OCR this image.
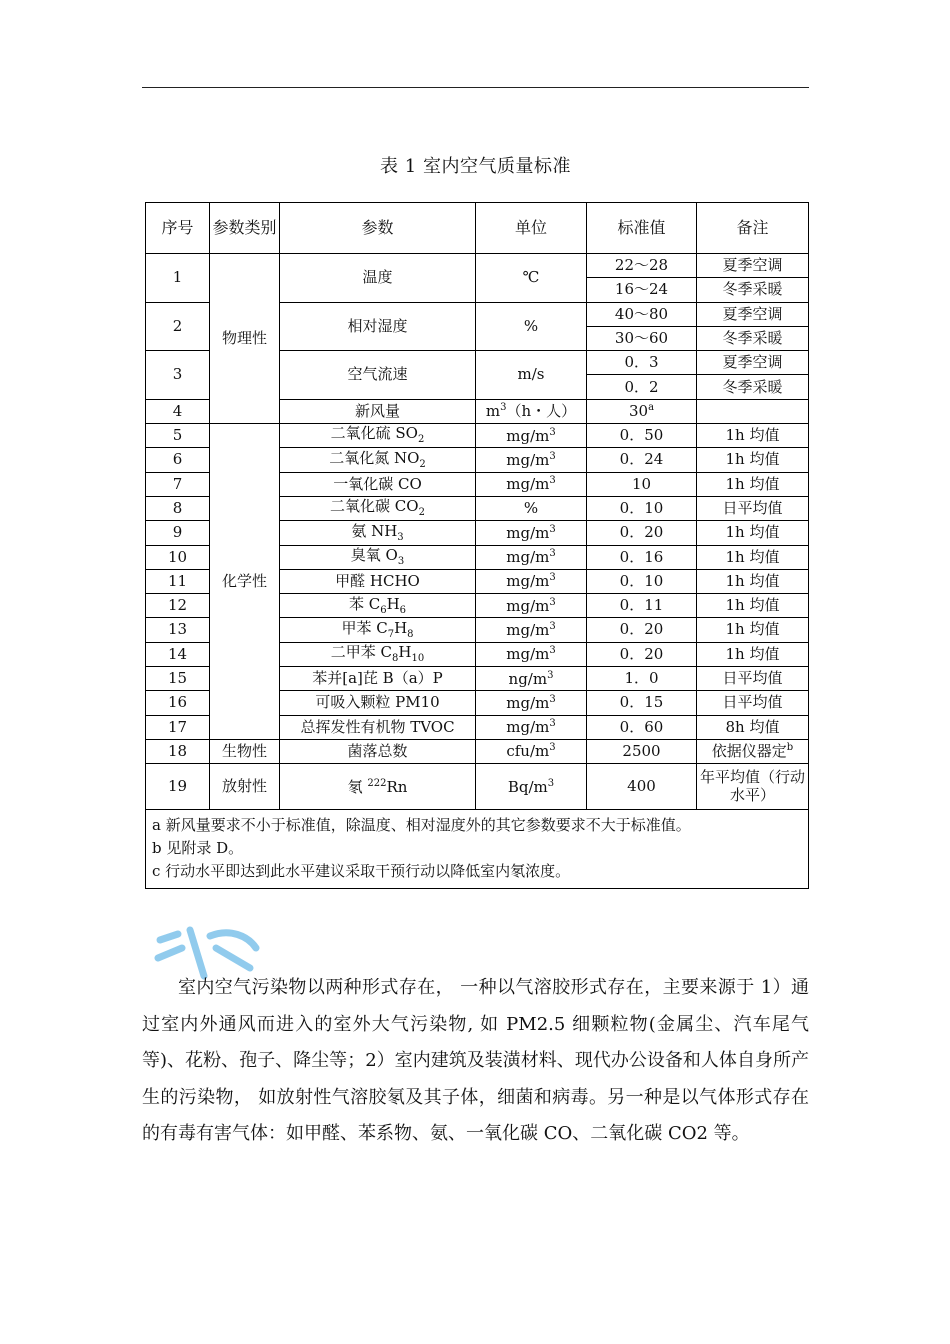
表 1 室内空气质量标准
序号	参数类别	参数	单位	标准值	备注
1	物理性	温度	℃	22～28	夏季空调
				16～24	冬季采暖
2		相对湿度	%	40～80	夏季空调
				30～60	冬季采暖
3		空气流速	m/s	0．3	夏季空调
				0．2	冬季采暖
4		新风量	$m^3(h$・人）	30$^a$	
5	化学性	二氧化硫 $SO_2$	$mg/m^3$	0．50	1h 均值
6		二氧化氮 $NO_2$	$mg/m^3$	0．24	1h 均值
7		一氧化碳 CO	$mg/m^3$	10	1h 均值
8		二氧化碳 $CO_2$	%	0．10	日平均值
9		氨 $NH_3$	$mg/m^3$	0．20	1h 均值
10		臭氧 $O_3$	$mg/m^3$	0．16	1h 均值
11		甲醛 HCHO	$mg/m^3$	0．10	1h 均值
12		苯 $C_6H_6$	$mg/m^3$	0．11	1h 均值
13		甲苯 $C_7H_8$	$mg/m^3$	0．20	1h 均值
14		二甲苯 $C_8H_{10}$	$mg/m^3$	0．20	1h 均值
15		苯并[a]芘 B（a）P	$ng/m^3$	1．0	日平均值
16		可吸入颗粒 PM10	$mg/m^3$	0．15	日平均值
17		总挥发性有机物 TVOC	$mg/m^3$	0．60	8h 均值
18	生物性	菌落总数	cfu/$m^3$	2500	依据仪器定$^b$
19	放射性	氡 $^{222}$Rn	$Bq/m^3$	400	年平均值（行动水平）

a 新风量要求不小于标准值，除温度、相对湿度外的其它参数要求不大于标准值。
b 见附录 D。
c 行动水平即达到此水平建议采取干预行动以降低室内氡浓度。					

室内空气污染物以两种形式存在， 一种以气溶胶形式存在，主要来源于 1）通过室内外通风而进入的室外大气污染物, 如 PM2.5 细颗粒物(金属尘、汽车尾气等)、花粉、孢子、降尘等；2）室内建筑及装潢材料、现代办公设备和人体自身所产生的污染物， 如放射性气溶胶氡及其子体，细菌和病毒。另一种是以气体形式存在的有毒有害气体：如甲醛、苯系物、氨、一氧化碳 CO、二氧化碳 CO2 等。
